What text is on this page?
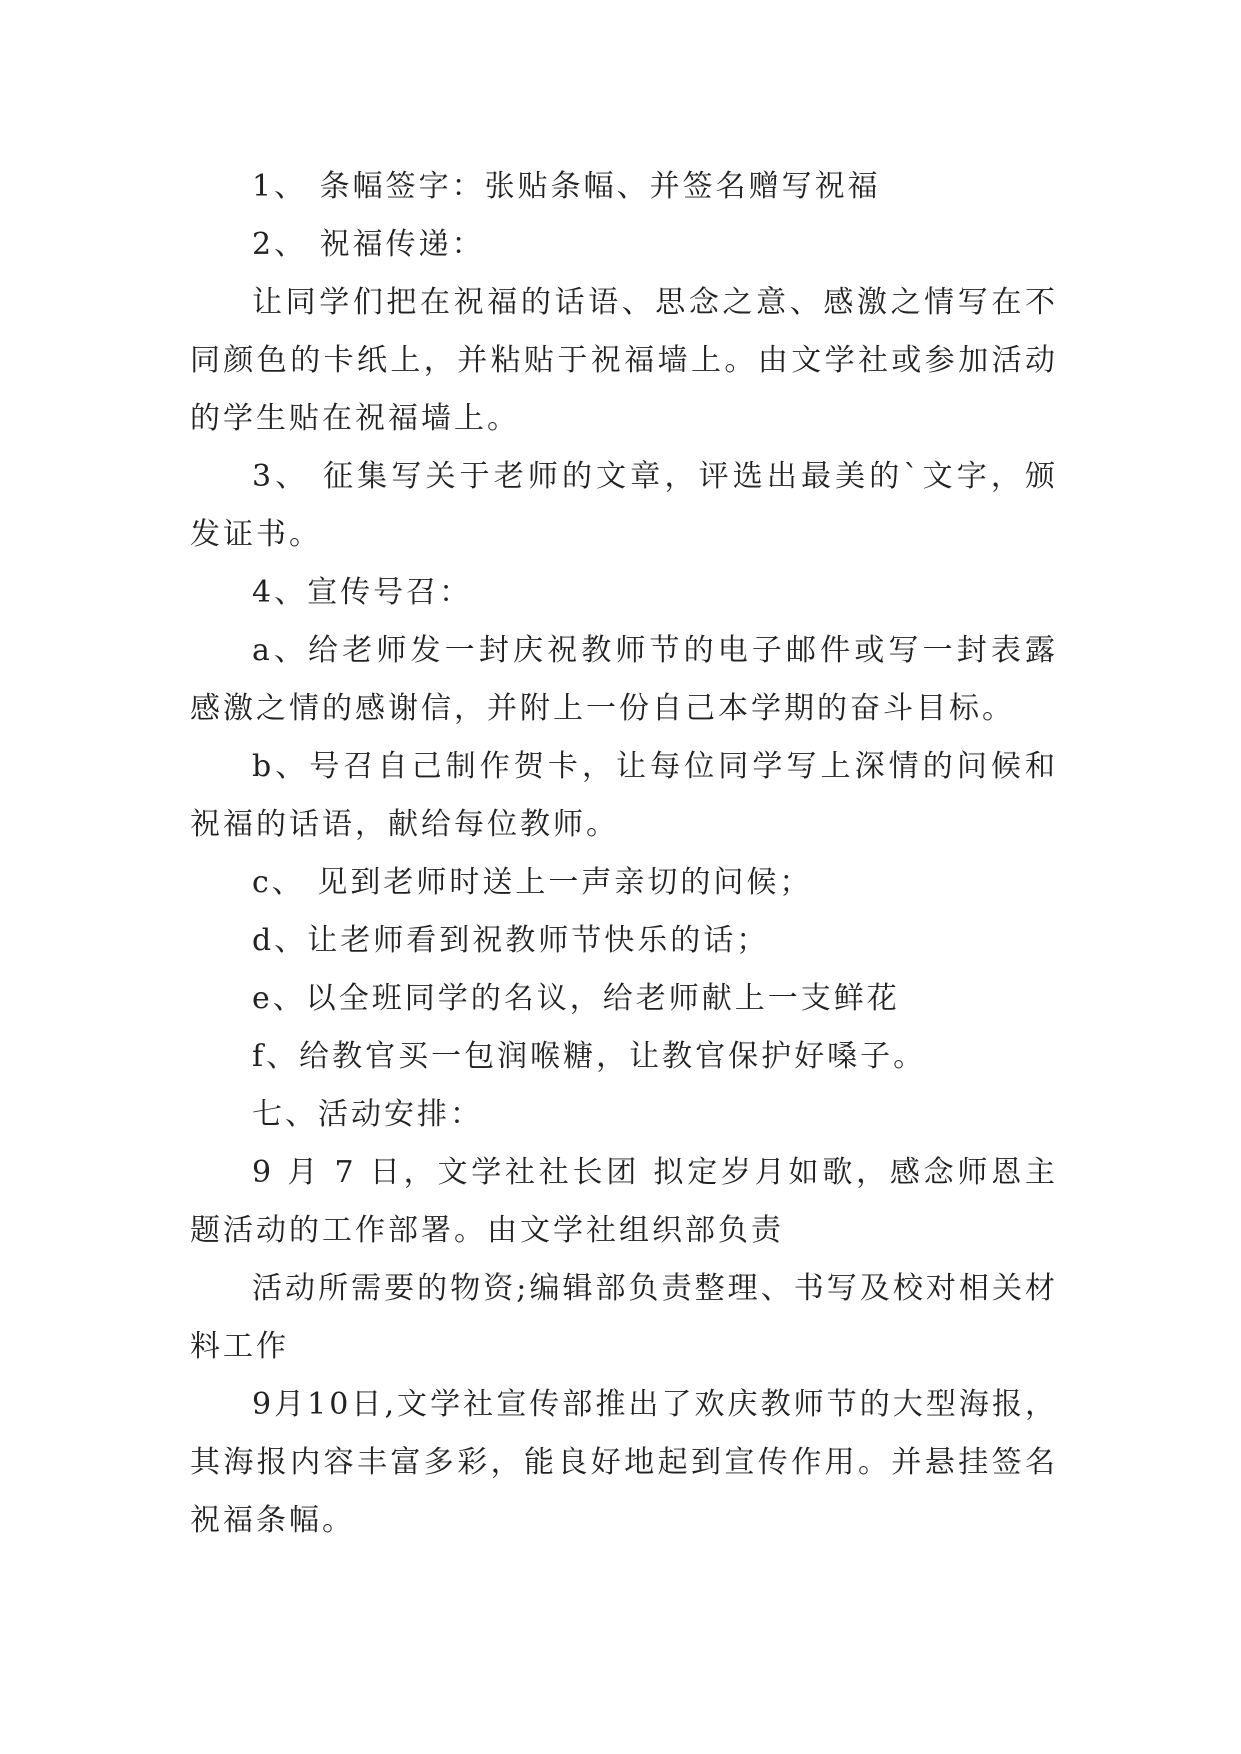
1、 条幅签字：张贴条幅、并签名赠写祝福

2、 祝福传递：

让同学们把在祝福的话语、思念之意、感激之情写在不同颜色的卡纸上，并粘贴于祝福墙上。由文学社或参加活动的学生贴在祝福墙上。

3、 征集写关于老师的文章，评选出最美的`文字，颁发证书。

4、宣传号召：

a、给老师发一封庆祝教师节的电子邮件或写一封表露感激之情的感谢信，并附上一份自己本学期的奋斗目标。

b、号召自己制作贺卡，让每位同学写上深情的问候和祝福的话语，献给每位教师。

c、 见到老师时送上一声亲切的问候；

d、让老师看到祝教师节快乐的话；

e、以全班同学的名议，给老师献上一支鲜花

f、给教官买一包润喉糖，让教官保护好嗓子。

七、活动安排：

9 月 7 日，文学社社长团 拟定岁月如歌，感念师恩主题活动的工作部署。由文学社组织部负责

活动所需要的物资;编辑部负责整理、书写及校对相关材料工作

9月10日,文学社宣传部推出了欢庆教师节的大型海报，其海报内容丰富多彩，能良好地起到宣传作用。并悬挂签名祝福条幅。
